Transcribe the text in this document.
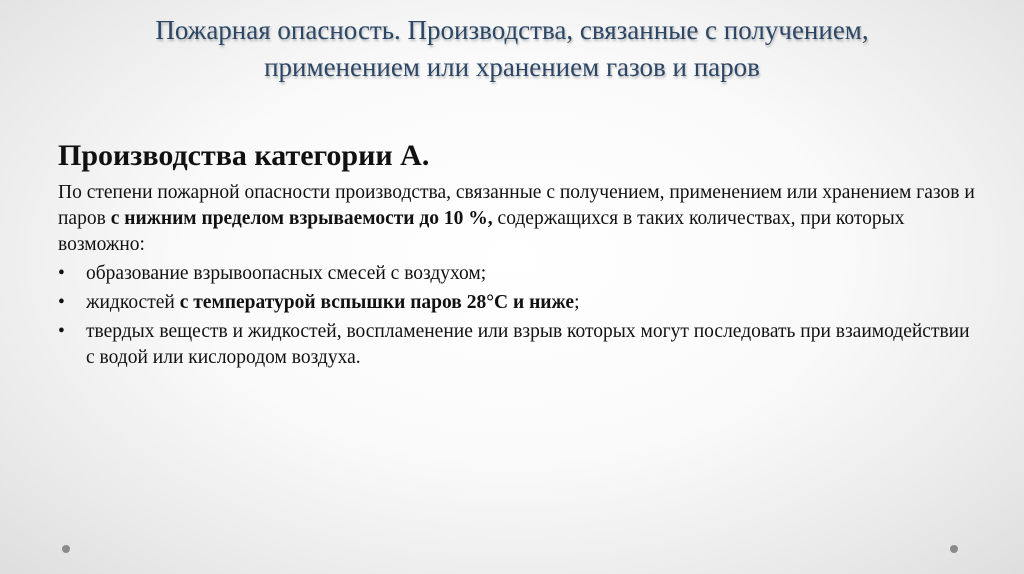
Пожарная опасность. Производства, связанные с получением,
применением или хранением газов и паров
Производства категории А.

По степени пожарной опасности производства, связанные с получением, применением или хранением газов и паров с нижним пределом взрываемости до 10 %, содержащихся в таких количествах, при которых возможно:

•	образование взрывоопасных смесей с воздухом;
•	жидкостей с температурой вспышки паров 28°С и ниже;
•	твердых веществ и жидкостей, воспламенение или взрыв которых могут последовать при взаимодействии с водой или кислородом воздуха.
